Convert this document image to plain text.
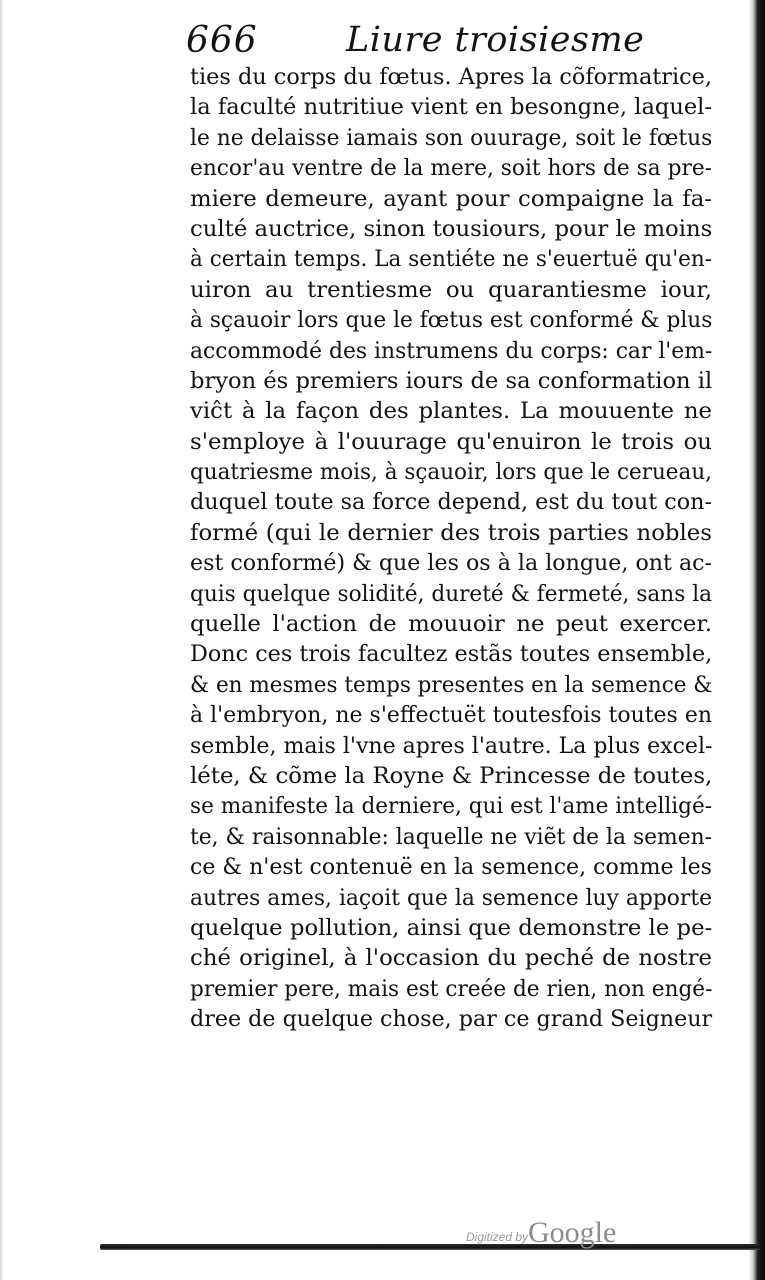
666	Liure troisiesme
ties du corps du fœtus. Apres la cõformatrice,
la faculté nutritiue vient en besongne, laquel-
le ne delaisse iamais son ouurage, soit le fœtus
encor'au ventre de la mere, soit hors de sa pre-
miere demeure, ayant pour compaigne la fa-
culté auctrice, sinon tousiours, pour le moins
à certain temps. La sentiéte ne s'euertuë qu'en-
uiron au trentiesme ou quarantiesme iour,
à sçauoir lors que le fœtus est conformé & plus
accommodé des instrumens du corps: car l'em-
bryon és premiers iours de sa conformation il
viĉt à la façon des plantes. La mouuente ne
s'employe à l'ouurage qu'enuiron le trois ou
quatriesme mois, à sçauoir, lors que le cerueau,
duquel toute sa force depend, est du tout con-
formé (qui le dernier des trois parties nobles
est conformé) & que les os à la longue, ont ac-
quis quelque solidité, dureté & fermeté, sans la
quelle l'action de mouuoir ne peut exercer.
Donc ces trois facultez estãs toutes ensemble,
& en mesmes temps presentes en la semence &
à l'embryon, ne s'effectuët toutesfois toutes en
semble, mais l'vne apres l'autre. La plus excel-
léte, & cõme la Royne & Princesse de toutes,
se manifeste la derniere, qui est l'ame intelligé-
te, & raisonnable: laquelle ne viẽt de la semen-
ce & n'est contenuë en la semence, comme les
autres ames, iaçoit que la semence luy apporte
quelque pollution, ainsi que demonstre le pe-
ché originel, à l'occasion du peché de nostre
premier pere, mais est creée de rien, non engé-
dree de quelque chose, par ce grand Seigneur
Digitized by Google
